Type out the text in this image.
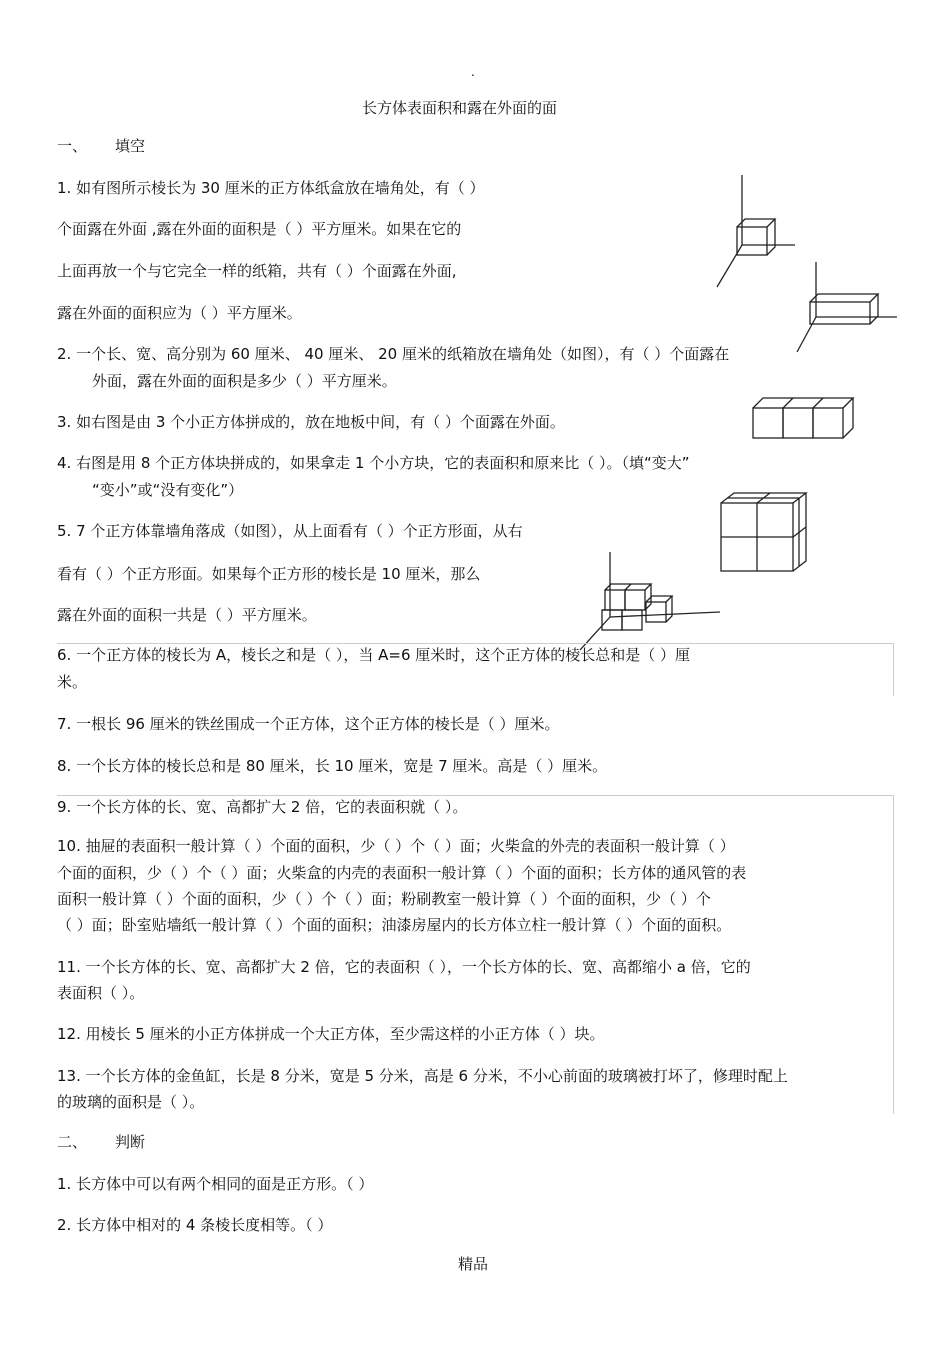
.
长方体表面积和露在外面的面
一、 填空
1. 如有图所示棱长为 30 厘米的正方体纸盒放在墙角处，有（ ）
个面露在外面 ,露在外面的面积是（ ）平方厘米。如果在它的
上面再放一个与它完全一样的纸箱，共有（ ）个面露在外面,
露在外面的面积应为（ ）平方厘米。
2. 一个长、宽、高分别为 60 厘米、 40 厘米、 20 厘米的纸箱放在墙角处（如图），有（ ）个面露在
外面，露在外面的面积是多少（ ）平方厘米。
3. 如右图是由 3 个小正方体拼成的，放在地板中间，有（ ）个面露在外面。
4. 右图是用 8 个正方体块拼成的，如果拿走 1 个小方块，它的表面积和原来比（ ）。（填“变大”
“变小”或“没有变化”）
5. 7 个正方体靠墙角落成（如图），从上面看有（ ）个正方形面，从右
看有（ ）个正方形面。如果每个正方形的棱长是 10 厘米，那么
露在外面的面积一共是（ ）平方厘米。
6. 一个正方体的棱长为 A，棱长之和是（ ），当 A=6 厘米时，这个正方体的棱长总和是（ ）厘
米。
7. 一根长 96 厘米的铁丝围成一个正方体，这个正方体的棱长是（ ）厘米。
8. 一个长方体的棱长总和是 80 厘米，长 10 厘米，宽是 7 厘米。高是（ ）厘米。
9. 一个长方体的长、宽、高都扩大 2 倍，它的表面积就（ ）。
10. 抽屉的表面积一般计算（ ）个面的面积，少（ ）个（ ）面；火柴盒的外壳的表面积一般计算（ ）
个面的面积，少（ ）个（ ）面；火柴盒的内壳的表面积一般计算（ ）个面的面积；长方体的通风管的表
面积一般计算（ ）个面的面积，少（ ）个（ ）面；粉刷教室一般计算（ ）个面的面积，少（ ）个
（ ）面；卧室贴墙纸一般计算（ ）个面的面积；油漆房屋内的长方体立柱一般计算（ ）个面的面积。
11. 一个长方体的长、宽、高都扩大 2 倍，它的表面积（ ），一个长方体的长、宽、高都缩小 a 倍，它的
表面积（ ）。
12. 用棱长 5 厘米的小正方体拼成一个大正方体，至少需这样的小正方体（ ）块。
13. 一个长方体的金鱼缸，长是 8 分米，宽是 5 分米，高是 6 分米，不小心前面的玻璃被打坏了，修理时配上
的玻璃的面积是（ ）。
二、 判断
1. 长方体中可以有两个相同的面是正方形。（ ）
2. 长方体中相对的 4 条棱长度相等。（ ）
精品
